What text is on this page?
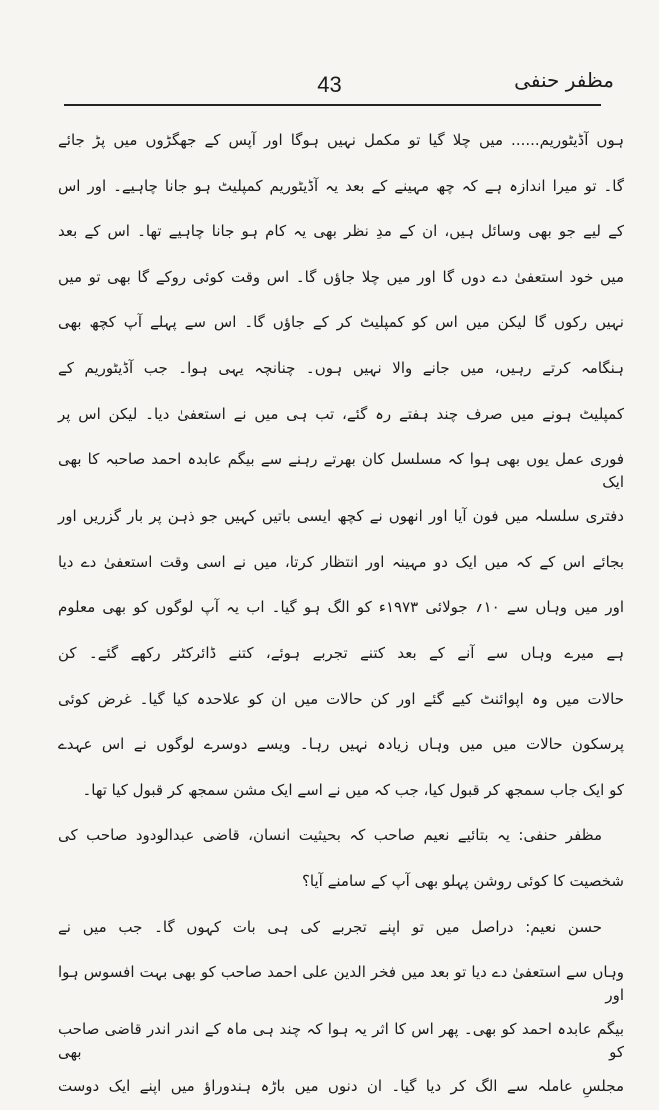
43	مظفر حنفی
ہوں آڈیٹوریم...... میں چلا گیا تو مکمل نہیں ہوگا اور آپس کے جھگڑوں میں پڑ جائے
گا۔ تو میرا اندازہ ہے کہ چھ مہینے کے بعد یہ آڈیٹوریم کمپلیٹ ہو جانا چاہیے۔ اور اس
کے لیے جو بھی وسائل ہیں، ان کے مدِ نظر بھی یہ کام ہو جانا چاہیے تھا۔ اس کے بعد
میں خود استعفیٰ دے دوں گا اور میں چلا جاؤں گا۔ اس وقت کوئی روکے گا بھی تو میں
نہیں رکوں گا لیکن میں اس کو کمپلیٹ کر کے جاؤں گا۔ اس سے پہلے آپ کچھ بھی
ہنگامہ کرتے رہیں، میں جانے والا نہیں ہوں۔ چنانچہ یہی ہوا۔ جب آڈیٹوریم کے
کمپلیٹ ہونے میں صرف چند ہفتے رہ گئے، تب ہی میں نے استعفیٰ دیا۔ لیکن اس پر
فوری عمل یوں بھی ہوا کہ مسلسل کان بھرتے رہنے سے بیگم عابدہ احمد صاحبہ کا بھی ایک
دفتری سلسلہ میں فون آیا اور انھوں نے کچھ ایسی باتیں کہیں جو ذہن پر بار گزریں اور
بجائے اس کے کہ میں ایک دو مہینہ اور انتظار کرتا، میں نے اسی وقت استعفیٰ دے دیا
اور میں وہاں سے ۱۰؍ جولائی ۱۹۷۳ء کو الگ ہو گیا۔ اب یہ آپ لوگوں کو بھی معلوم
ہے میرے وہاں سے آنے کے بعد کتنے تجربے ہوئے، کتنے ڈائرکٹر رکھے گئے۔ کن
حالات میں وہ اپوائنٹ کیے گئے اور کن حالات میں ان کو علاحدہ کیا گیا۔ غرض کوئی
پرسکون حالات میں میں وہاں زیادہ نہیں رہا۔ ویسے دوسرے لوگوں نے اس عہدے
کو ایک جاب سمجھ کر قبول کیا، جب کہ میں نے اسے ایک مشن سمجھ کر قبول کیا تھا۔
مظفر حنفی: یہ بتائیے نعیم صاحب کہ بحیثیت انسان، قاضی عبدالودود صاحب کی
شخصیت کا کوئی روشن پہلو بھی آپ کے سامنے آیا؟
حسن نعیم: دراصل میں تو اپنے تجربے کی ہی بات کہوں گا۔ جب میں نے
وہاں سے استعفیٰ دے دیا تو بعد میں فخر الدین علی احمد صاحب کو بھی بہت افسوس ہوا اور
بیگم عابدہ احمد کو بھی۔ پھر اس کا اثر یہ ہوا کہ چند ہی ماہ کے اندر اندر قاضی صاحب کو بھی
مجلسِ عاملہ سے الگ کر دیا گیا۔ ان دنوں میں باڑہ ہندوراؤ میں اپنے ایک دوست
